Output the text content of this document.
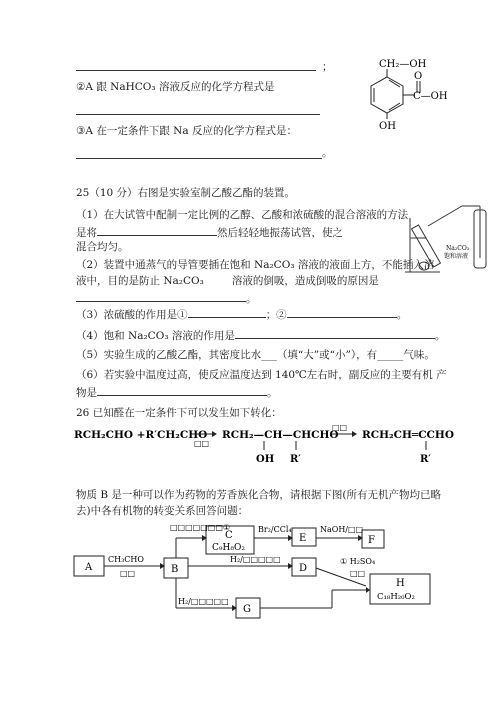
；
②A 跟 NaHCO₃ 溶液反应的化学方程式是
③A 在一定条件下跟 Na 反应的化学方程式是：
。
CH₂—OH
C—OH
O
OH
25（10 分）右图是实验室制乙酸乙酯的装置。
（1）在大试管中配制一定比例的乙醇、乙酸和浓硫酸的混合溶液的方法
是将	然后轻轻地振荡试管，使之
混合均匀。	Na₂CO₃
饱和溶液
（2）装置中通蒸气的导管要插在饱和 Na₂CO₃ 溶液的液面上方，不能插入溶
液中，目的是防止 Na₂CO₃	溶液的倒吸，造成倒吸的原因是
。
（3）浓硫酸的作用是①	；②	。
（4）饱和 Na₂CO₃ 溶液的作用是	。
（5）实验生成的乙酸乙酯，其密度比水___（填“大”或“小”），有_____气味。
（6）若实验中温度过高，使反应温度达到 140℃左右时，副反应的主要有机 产
物是	。
26 已知醛在一定条件下可以发生如下转化：
RCH₂CHO +R′CH₂CHO
□□
RCH₂—CH—CHCHO
OH R′
□□
RCH₂CH═CCHO
R′
物质 B 是一种可以作为药物的芳香族化合物，请根据下图(所有无机产物均已略
去)中各有机物的转变关系回答问题：
A	B
C
C₉H₈O₂
E	F
D
G
H
C₁₈H₂₀O₂
CH₃CHO
□□
□□□□□□□①	Br₂/CCl₄	NaOH/□□
H₂/□□□□□	① H₂SO₄
□□
H₂/□□□□□
